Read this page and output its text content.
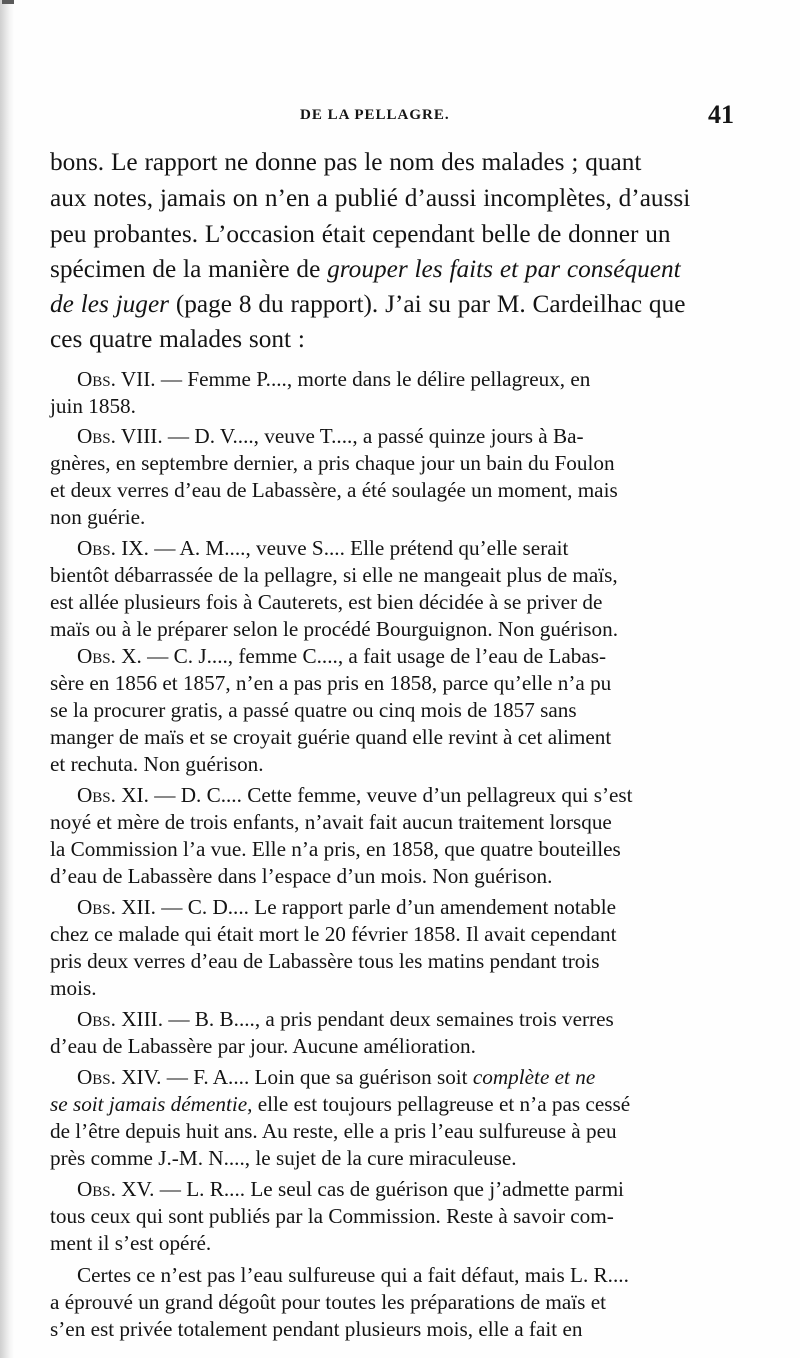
DE LA PELLAGRE.	41
bons. Le rapport ne donne pas le nom des malades ; quant
aux notes, jamais on n’en a publié d’aussi incomplètes, d’aussi
peu probantes. L’occasion était cependant belle de donner un
spécimen de la manière de grouper les faits et par conséquent
de les juger (page 8 du rapport). J’ai su par M. Cardeilhac que
ces quatre malades sont :
Obs. VII. — Femme P...., morte dans le délire pellagreux, en
juin 1858.
Obs. VIII. — D. V...., veuve T...., a passé quinze jours à Ba-
gnères, en septembre dernier, a pris chaque jour un bain du Foulon
et deux verres d’eau de Labassère, a été soulagée un moment, mais
non guérie.
Obs. IX. — A. M...., veuve S.... Elle prétend qu’elle serait
bientôt débarrassée de la pellagre, si elle ne mangeait plus de maïs,
est allée plusieurs fois à Cauterets, est bien décidée à se priver de
maïs ou à le préparer selon le procédé Bourguignon. Non guérison.
Obs. X. — C. J...., femme C...., a fait usage de l’eau de Labas-
sère en 1856 et 1857, n’en a pas pris en 1858, parce qu’elle n’a pu
se la procurer gratis, a passé quatre ou cinq mois de 1857 sans
manger de maïs et se croyait guérie quand elle revint à cet aliment
et rechuta. Non guérison.
Obs. XI. — D. C.... Cette femme, veuve d’un pellagreux qui s’est
noyé et mère de trois enfants, n’avait fait aucun traitement lorsque
la Commission l’a vue. Elle n’a pris, en 1858, que quatre bouteilles
d’eau de Labassère dans l’espace d’un mois. Non guérison.
Obs. XII. — C. D.... Le rapport parle d’un amendement notable
chez ce malade qui était mort le 20 février 1858. Il avait cependant
pris deux verres d’eau de Labassère tous les matins pendant trois
mois.
Obs. XIII. — B. B...., a pris pendant deux semaines trois verres
d’eau de Labassère par jour. Aucune amélioration.
Obs. XIV. — F. A.... Loin que sa guérison soit complète et ne
se soit jamais démentie, elle est toujours pellagreuse et n’a pas cessé
de l’être depuis huit ans. Au reste, elle a pris l’eau sulfureuse à peu
près comme J.-M. N...., le sujet de la cure miraculeuse.
Obs. XV. — L. R.... Le seul cas de guérison que j’admette parmi
tous ceux qui sont publiés par la Commission. Reste à savoir com-
ment il s’est opéré.
Certes ce n’est pas l’eau sulfureuse qui a fait défaut, mais L. R....
a éprouvé un grand dégoût pour toutes les préparations de maïs et
s’en est privée totalement pendant plusieurs mois, elle a fait en
